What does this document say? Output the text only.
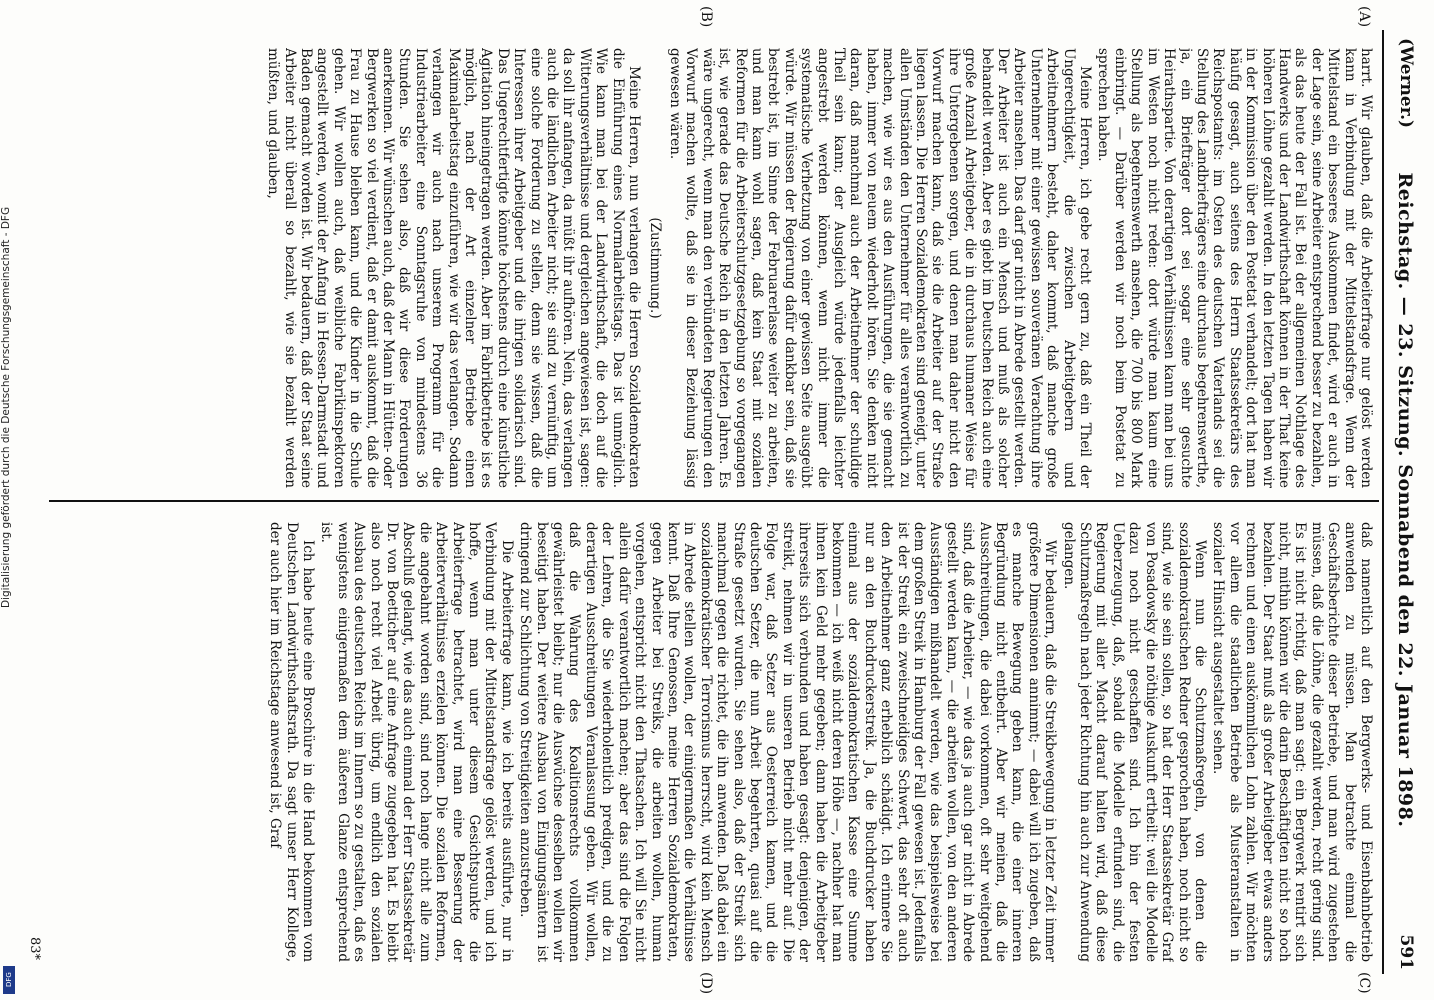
(Werner.)
Reichstag. — 23. Sitzung. Sonnabend den 22. Januar 1898.
591
(A)
(B)
(C)
(D)

harrt. Wir glauben, daß die Arbeiterfrage nur gelöst werden kann in Verbindung mit der Mittelstandsfrage. Wenn der Mittelstand ein besseres Auskommen findet, wird er auch in der Lage sein, seine Arbeiter entsprechend besser zu bezahlen, als das heute der Fall ist. Bei der allgemeinen Nothlage des Handwerks und der Landwirthschaft können in der That keine höheren Löhne gezahlt werden. In den letzten Tagen haben wir in der Kommission über den Postetat verhandelt; dort hat man häufig gesagt, auch seitens des Herrn Staatssekretärs des Reichspostamts: im Osten des deutschen Vaterlands sei die Stellung des Landbriefträgers eine durchaus begehrenswerthe, ja, ein Briefträger dort sei sogar eine sehr gesuchte Heirathspartie. Von derartigen Verhältnissen kann man bei uns im Westen noch nicht reden: dort würde man kaum eine Stellung als begehrenswerth ansehen, die 700 bis 800 Mark einbringt. — Darüber werden wir noch beim Postetat zu sprechen haben.

Meine Herren, ich gebe recht gern zu, daß ein Theil der Ungerechtigkeit, die zwischen Arbeitgebern und Arbeitnehmern besteht, daher kommt, daß manche große Unternehmer mit einer gewissen souveränen Verachtung ihre Arbeiter ansehen. Das darf gar nicht in Abrede gestellt werden. Der Arbeiter ist auch ein Mensch und muß als solcher behandelt werden. Aber es giebt im Deutschen Reich auch eine große Anzahl Arbeitgeber, die in durchaus humaner Weise für ihre Untergebenen sorgen, und denen man daher nicht den Vorwurf machen kann, daß sie die Arbeiter auf der Straße liegen lassen. Die Herren Sozialdemokraten sind geneigt, unter allen Umständen den Unternehmer für alles verantwortlich zu machen, wie wir es aus den Ausführungen, die sie gemacht haben, immer von neuem wiederholt hören. Sie denken nicht daran, daß manchmal auch der Arbeitnehmer der schuldige Theil sein kann; der Ausgleich würde jedenfalls leichter angestrebt werden können, wenn nicht immer die systematische Verhetzung von einer gewissen Seite ausgeübt würde. Wir müssen der Regierung dafür dankbar sein, daß sie bestrebt ist, im Sinne der Februarerlasse weiter zu arbeiten, und man kann wohl sagen, daß kein Staat mit sozialen Reformen für die Arbeiterschutzgesetzgebung so vorgegangen ist, wie gerade das Deutsche Reich in den letzten Jahren. Es wäre ungerecht, wenn man den verbündeten Regierungen den Vorwurf machen wollte, daß sie in dieser Beziehung lässig gewesen wären.

(Zustimmung.)

Meine Herren, nun verlangen die Herren Sozialdemokraten die Einführung eines Normalarbeitstags. Das ist unmöglich. Wie kann man bei der Landwirthschaft, die doch auf die Witterungsverhältnisse und dergleichen angewiesen ist, sagen: da soll ihr anfangen, da müßt ihr aufhören. Nein, das verlangen auch die ländlichen Arbeiter nicht; sie sind zu vernünftig, um eine solche Forderung zu stellen, denn sie wissen, daß die Interessen ihrer Arbeitgeber und die ihrigen solidarisch sind. Das Ungerechtfertigte könnte höchstens durch eine künstliche Agitation hineingetragen werden. Aber im Fabrikbetriebe ist es möglich, nach der Art einzelner Betriebe einen Maximalarbeitstag einzuführen, wie wir das verlangen. Sodann verlangen wir auch nach unserem Programm für die Industriearbeiter eine Sonntagsruhe von mindestens 36 Stunden. Sie sehen also, daß wir diese Forderungen anerkennen. Wir wünschen auch, daß der Mann in Hütten- oder Bergwerken so viel verdient, daß er damit auskommt, daß die Frau zu Hause bleiben kann, und die Kinder in die Schule gehen. Wir wollen auch, daß weibliche Fabrikinspektoren angestellt werden, womit der Anfang in Hessen-Darmstadt und Baden gemacht worden ist. Wir bedauern, daß der Staat seine Arbeiter nicht überall so bezahlt, wie sie bezahlt werden müßten, und glauben,

daß namentlich auf den Bergwerks- und Eisenbahnbetrieb anwenden zu müssen. Man betrachte einmal die Geschäftsberichte dieser Betriebe, und man wird zugestehen müssen, daß die Löhne, die gezahlt werden, recht gering sind. Es ist nicht richtig, daß man sagt: ein Bergwerk rentirt sich nicht, mithin können wir die darin Beschäftigten nicht so hoch bezahlen. Der Staat muß als großer Arbeitgeber etwas anders rechnen und einen auskömmlichen Lohn zahlen. Wir möchten vor allem die staatlichen Betriebe als Musteranstalten in sozialer Hinsicht ausgestaltet sehen.

Wenn nun die Schutzmaßregeln, von denen die sozialdemokratischen Redner gesprochen haben, noch nicht so sind, wie sie sein sollen, so hat der Herr Staatssekretär Graf von Posadowsky die nöthige Auskunft ertheilt: weil die Modelle dazu noch nicht geschaffen sind. Ich bin der festen Ueberzeugung, daß, sobald die Modelle erfunden sind, die Regierung mit aller Macht darauf halten wird, daß diese Schutzmaßregeln nach jeder Richtung hin auch zur Anwendung gelangen.

Wir bedauern, daß die Streikbewegung in letzter Zeit immer größere Dimensionen annimmt; — dabei will ich zugeben, daß es manche Bewegung geben kann, die einer inneren Begründung nicht entbehrt. Aber wir meinen, daß die Ausschreitungen, die dabei vorkommen, oft sehr weitgehend sind, daß die Arbeiter, — wie das ja auch gar nicht in Abrede gestellt werden kann, — die arbeiten wollen, von den anderen Ausständigen mißhandelt werden, wie das beispielsweise bei dem großen Streik in Hamburg der Fall gewesen ist. Jedenfalls ist der Streik ein zweischneidiges Schwert, das sehr oft auch den Arbeitnehmer ganz erheblich schädigt. Ich erinnere Sie nur an den Buchdruckerstreik. Ja, die Buchdrucker haben einmal aus der sozialdemokratischen Kasse eine Summe bekommen — ich weiß nicht deren Höhe —, nachher hat man ihnen kein Geld mehr gegeben; dann haben die Arbeitgeber ihrerseits sich verbunden und haben gesagt: denjenigen, der streikt, nehmen wir in unseren Betrieb nicht mehr auf. Die Folge war, daß Setzer aus Oesterreich kamen, und die deutschen Setzer, die nun Arbeit begehrten, quasi auf die Straße gesetzt wurden. Sie sehen also, daß der Streik sich manchmal gegen die richtet, die ihn anwenden. Daß dabei ein sozialdemokratischer Terrorismus herrscht, wird kein Mensch in Abrede stellen wollen, der einigermaßen die Verhältnisse kennt. Daß Ihre Genossen, meine Herren Sozialdemokraten, gegen Arbeiter bei Streiks, die arbeiten wollen, human vorgehen, entspricht nicht den Thatsachen. Ich will Sie nicht allein dafür verantwortlich machen; aber das sind die Folgen der Lehren, die Sie wiederholentlich predigen, und die zu derartigen Ausschreitungen Veranlassung geben. Wir wollen, daß die Wahrung des Koalitionsrechts vollkommen gewährleistet bleibt; nur die Auswüchse desselben wollen wir beseitigt haben. Der weitere Ausbau von Einigungsämtern ist dringend zur Schlichtung von Streitigkeiten anzustreben.

Die Arbeiterfrage kann, wie ich bereits ausführte, nur in Verbindung mit der Mittelstandsfrage gelöst werden, und ich hoffe, wenn man unter diesem Gesichtspunkte die Arbeiterfrage betrachtet, wird man eine Besserung der Arbeiterverhältnisse erzielen können. Die sozialen Reformen, die angebahnt worden sind, sind noch lange nicht alle zum Abschluß gelangt, wie das auch einmal der Herr Staatssekretär Dr. von Boetticher auf eine Anfrage zugegeben hat. Es bleibt also noch recht viel Arbeit übrig, um endlich den sozialen Ausbau des deutschen Reichs im Innern so zu gestalten, daß es wenigstens einigermaßen dem äußeren Glanze entsprechend ist.

Ich habe heute eine Broschüre in die Hand bekommen vom Deutschen Landwirthschaftsrath. Da sagt unser Herr Kollege, der auch hier im Reichstage anwesend ist, Graf

83*
Digitalisierung gefördert durch die Deutsche Forschungsgemeinschaft - DFG
DFG
